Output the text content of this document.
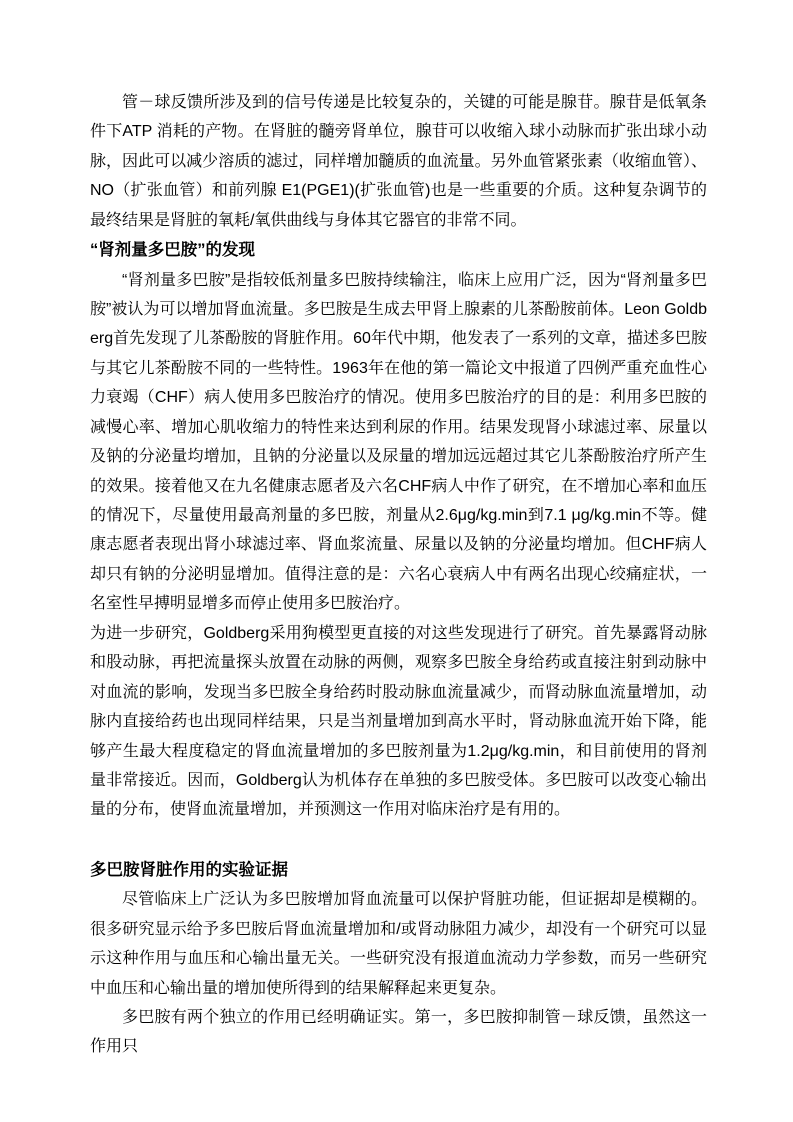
管－球反馈所涉及到的信号传递是比较复杂的，关键的可能是腺苷。腺苷是低氧条件下ATP 消耗的产物。在肾脏的髓旁肾单位，腺苷可以收缩入球小动脉而扩张出球小动脉，因此可以减少溶质的滤过，同样增加髓质的血流量。另外血管紧张素（收缩血管）、NO（扩张血管）和前列腺 E1(PGE1)(扩张血管)也是一些重要的介质。这种复杂调节的最终结果是肾脏的氧耗/氧供曲线与身体其它器官的非常不同。

“肾剂量多巴胺”的发现

“肾剂量多巴胺”是指较低剂量多巴胺持续输注，临床上应用广泛，因为“肾剂量多巴胺”被认为可以增加肾血流量。多巴胺是生成去甲肾上腺素的儿茶酚胺前体。Leon Goldberg首先发现了儿茶酚胺的肾脏作用。60年代中期，他发表了一系列的文章，描述多巴胺与其它儿茶酚胺不同的一些特性。1963年在他的第一篇论文中报道了四例严重充血性心力衰竭（CHF）病人使用多巴胺治疗的情况。使用多巴胺治疗的目的是：利用多巴胺的减慢心率、增加心肌收缩力的特性来达到利尿的作用。结果发现肾小球滤过率、尿量以及钠的分泌量均增加，且钠的分泌量以及尿量的增加远远超过其它儿茶酚胺治疗所产生的效果。接着他又在九名健康志愿者及六名CHF病人中作了研究，在不增加心率和血压的情况下，尽量使用最高剂量的多巴胺，剂量从2.6μg/kg.min到7.1 μg/kg.min不等。健康志愿者表现出肾小球滤过率、肾血浆流量、尿量以及钠的分泌量均增加。但CHF病人却只有钠的分泌明显增加。值得注意的是：六名心衰病人中有两名出现心绞痛症状，一名室性早搏明显增多而停止使用多巴胺治疗。

为进一步研究，Goldberg采用狗模型更直接的对这些发现进行了研究。首先暴露肾动脉和股动脉，再把流量探头放置在动脉的两侧，观察多巴胺全身给药或直接注射到动脉中对血流的影响，发现当多巴胺全身给药时股动脉血流量减少，而肾动脉血流量增加，动脉内直接给药也出现同样结果，只是当剂量增加到高水平时，肾动脉血流开始下降，能够产生最大程度稳定的肾血流量增加的多巴胺剂量为1.2μg/kg.min，和目前使用的肾剂量非常接近。因而，Goldberg认为机体存在单独的多巴胺受体。多巴胺可以改变心输出量的分布，使肾血流量增加，并预测这一作用对临床治疗是有用的。

多巴胺肾脏作用的实验证据

尽管临床上广泛认为多巴胺增加肾血流量可以保护肾脏功能，但证据却是模糊的。很多研究显示给予多巴胺后肾血流量增加和/或肾动脉阻力减少，却没有一个研究可以显示这种作用与血压和心输出量无关。一些研究没有报道血流动力学参数，而另一些研究中血压和心输出量的增加使所得到的结果解释起来更复杂。

多巴胺有两个独立的作用已经明确证实。第一，多巴胺抑制管－球反馈，虽然这一作用只
